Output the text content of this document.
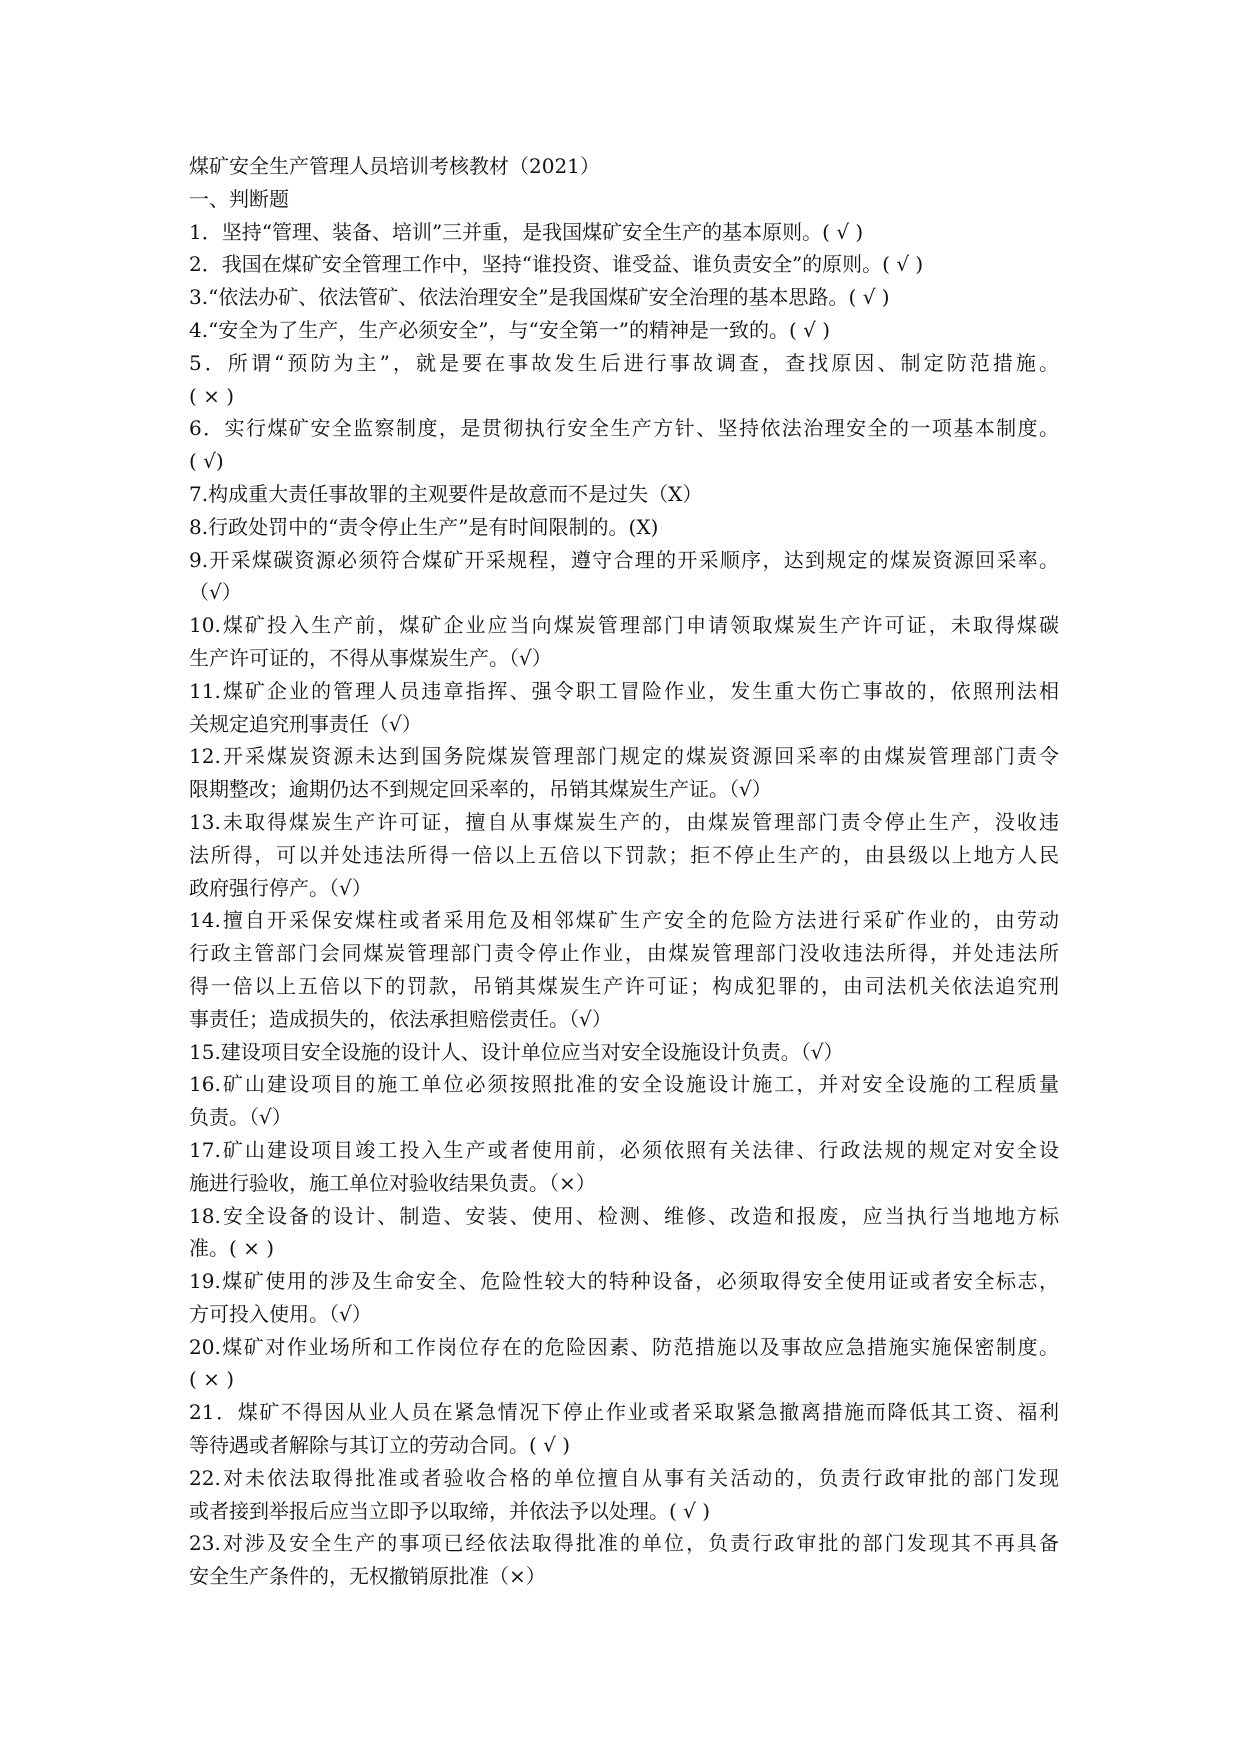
煤矿安全生产管理人员培训考核教材（2021）
一、判断题
1．坚持“管理、装备、培训”三并重，是我国煤矿安全生产的基本原则。( √ )
2．我国在煤矿安全管理工作中，坚持“谁投资、谁受益、谁负责安全”的原则。( √ )
3.“依法办矿、依法管矿、依法治理安全”是我国煤矿安全治理的基本思路。( √ )
4.“安全为了生产，生产必须安全”，与“安全第一”的精神是一致的。( √ )
5．所谓“预防为主”，就是要在事故发生后进行事故调查，查找原因、制定防范措施。
( × )
6．实行煤矿安全监察制度，是贯彻执行安全生产方针、坚持依法治理安全的一项基本制度。
( √)
7.构成重大责任事故罪的主观要件是故意而不是过失（X）
8.行政处罚中的“责令停止生产”是有时间限制的。(X)
9.开采煤碳资源必须符合煤矿开采规程，遵守合理的开采顺序，达到规定的煤炭资源回采率。
（√）
10.煤矿投入生产前，煤矿企业应当向煤炭管理部门申请领取煤炭生产许可证，未取得煤碳
生产许可证的，不得从事煤炭生产。（√）
11.煤矿企业的管理人员违章指挥、强令职工冒险作业，发生重大伤亡事故的，依照刑法相
关规定追究刑事责任（√）
12.开采煤炭资源未达到国务院煤炭管理部门规定的煤炭资源回采率的由煤炭管理部门责令
限期整改；逾期仍达不到规定回采率的，吊销其煤炭生产证。（√）
13.未取得煤炭生产许可证，擅自从事煤炭生产的，由煤炭管理部门责令停止生产，没收违
法所得，可以并处违法所得一倍以上五倍以下罚款；拒不停止生产的，由县级以上地方人民
政府强行停产。（√）
14.擅自开采保安煤柱或者采用危及相邻煤矿生产安全的危险方法进行采矿作业的，由劳动
行政主管部门会同煤炭管理部门责令停止作业，由煤炭管理部门没收违法所得，并处违法所
得一倍以上五倍以下的罚款，吊销其煤炭生产许可证；构成犯罪的，由司法机关依法追究刑
事责任；造成损失的，依法承担赔偿责任。（√）
15.建设项目安全设施的设计人、设计单位应当对安全设施设计负责。（√）
16.矿山建设项目的施工单位必须按照批准的安全设施设计施工，并对安全设施的工程质量
负责。（√）
17.矿山建设项目竣工投入生产或者使用前，必须依照有关法律、行政法规的规定对安全设
施进行验收，施工单位对验收结果负责。（×）
18.安全设备的设计、制造、安装、使用、检测、维修、改造和报废，应当执行当地地方标
准。( × )
19.煤矿使用的涉及生命安全、危险性较大的特种设备，必须取得安全使用证或者安全标志，
方可投入使用。（√）
20.煤矿对作业场所和工作岗位存在的危险因素、防范措施以及事故应急措施实施保密制度。
( × )
21．煤矿不得因从业人员在紧急情况下停止作业或者采取紧急撤离措施而降低其工资、福利
等待遇或者解除与其订立的劳动合同。( √ )
22.对未依法取得批准或者验收合格的单位擅自从事有关活动的，负责行政审批的部门发现
或者接到举报后应当立即予以取缔，并依法予以处理。( √ )
23.对涉及安全生产的事项已经依法取得批准的单位，负责行政审批的部门发现其不再具备
安全生产条件的，无权撤销原批准（×）
